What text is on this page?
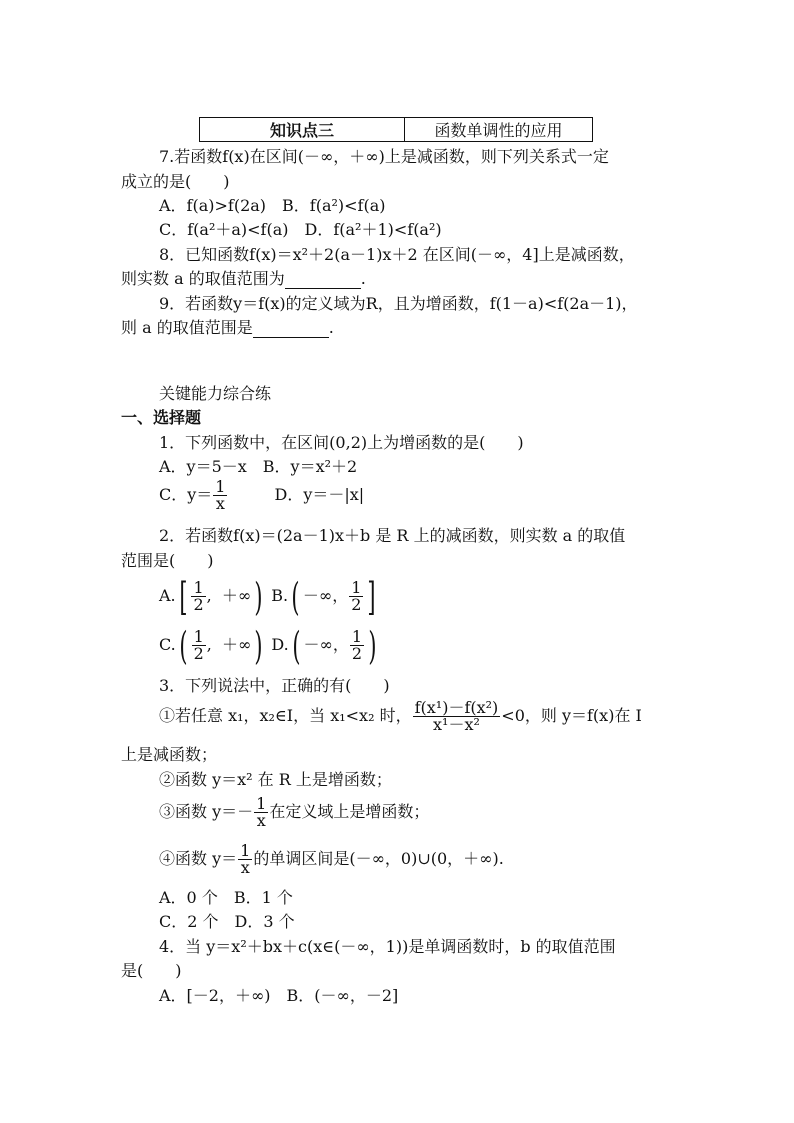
知识点三	函数单调性的应用
7.若函数f(x)在区间(－∞，＋∞)上是减函数，则下列关系式一定
成立的是(　　)
A．f(a)>f(2a)　B．f(a²)<f(a)
C．f(a²＋a)<f(a)　D．f(a²＋1)<f(a²)
8．已知函数f(x)＝x²＋2(a－1)x＋2 在区间(－∞，4]上是减函数，
则实数 a 的取值范围为	.
9．若函数y＝f(x)的定义域为R，且为增函数，f(1－a)<f(2a－1)，
则 a 的取值范围是	.
关键能力综合练
一、选择题
1．下列函数中，在区间(0,2)上为增函数的是(　　)
A．y＝5－x　B．y＝x²＋2
C．$y= \frac{1}{x}$	D．y＝－|x|
2．若函数f(x)＝(2a－1)x＋b 是 R 上的减函数，则实数 a 的取值
范围是(　　)
$A.[ \frac{1}{2}$ , ＋∞) B.( －∞， $\frac{1}{2}$ ]
$C.( \frac{1}{2}$ , ＋∞) D.( －∞， $\frac{1}{2}$ )
3．下列说法中，正确的有(　　)
①若任意 x₁，x₂∈I，当 x₁<x₂ 时， $\frac{\text{f(x¹)－f(x²)}}{\text{x¹－x²}} <0$，则 y＝f(x)在 I
上是减函数；
②函数 y＝x² 在 R 上是增函数；
③函数 $y=- \frac{1}{x}$ 在定义域上是增函数；
④函数 $y= \frac{1}{x}$ 的单调区间是(－∞，0)∪(0，＋∞).
A．0 个　B．1 个
C．2 个　D．3 个
4．当 y＝x²＋bx＋c(x∈(－∞，1))是单调函数时，b 的取值范围
是(　　)
A．[－2，＋∞)　B．(－∞，－2]
